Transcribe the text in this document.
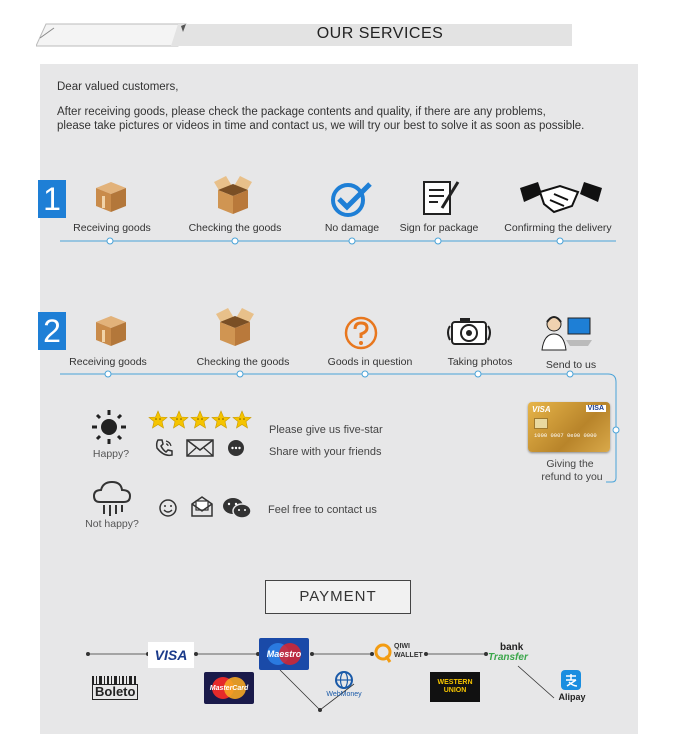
OUR SERVICES
Dear valued customers,
After receiving goods, please check the package contents and quality, if there are any problems,
please take pictures or videos in time and contact us, we will try our best to solve it as soon as possible.
1
Receiving goods	Checking the goods	No damage	Sign for package	Confirming the delivery
2
Receiving goods	Checking the goods	Goods in question	Taking photos	Send to us
VISA	VISA
1000 0007 0e00 0000
Giving the
refund to you
Happy?
Please give us five-star
Share with your friends
Not happy?
Feel free to contact us
PAYMENT
VISA	Maestro
QIWI
WALLET
bank
Transfer
Boleto	MasterCard
WebMoney
WESTERN
UNION
Alipay
